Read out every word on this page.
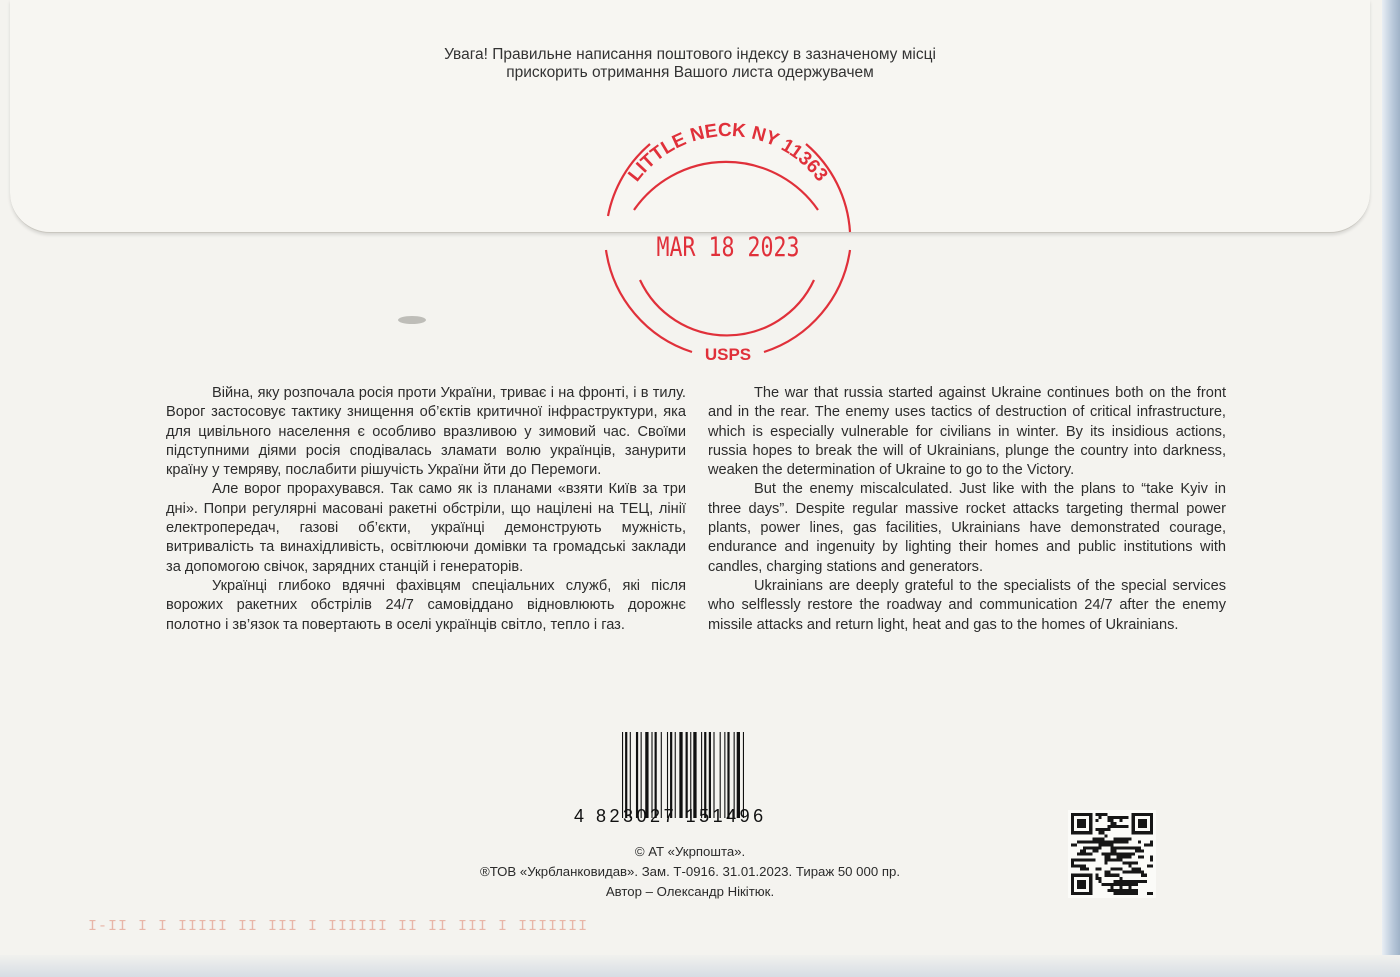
Увага! Правильне написання поштового індексу в зазначеному місці
прискорить отримання Вашого листа одержувачем
LITTLE NECK NY 11363
MAR 18 2023
USPS

Війна, яку розпочала росія проти України, триває і на фронті, і в тилу. Ворог застосовує тактику знищення об’єктів критичної інфраструктури, яка для цивільного населення є особливо вразливою у зимовий час. Своїми підступними діями росія сподівалась зламати волю українців, занурити країну у темряву, послабити рішучість України йти до Перемоги.

Але ворог прорахувався. Так само як із планами «взяти Київ за три дні». Попри регулярні масовані ракетні обстріли, що націлені на ТЕЦ, лінії електропередач, газові об’єкти, українці демонструють мужність, витривалість та винахідливість, освітлюючи домівки та громадські заклади за допомогою свічок, зарядних станцій і генераторів.

Українці глибоко вдячні фахівцям спеціальних служб, які після ворожих ракетних обстрілів 24/7 самовіддано відновлюють дорожнє полотно і зв’язок та повертають в оселі українців світло, тепло і газ.

The war that russia started against Ukraine continues both on the front and in the rear. The enemy uses tactics of destruction of critical infrastructure, which is especially vulnerable for civilians in winter. By its insidious actions, russia hopes to break the will of Ukrainians, plunge the country into darkness, weaken the determination of Ukraine to go to the Victory.

But the enemy miscalculated. Just like with the plans to “take Kyiv in three days”. Despite regular massive rocket attacks targeting thermal power plants, power lines, gas facilities, Ukrainians have demonstrated courage, endurance and ingenuity by lighting their homes and public institutions with candles, charging stations and generators.

Ukrainians are deeply grateful to the specialists of the special services who selflessly restore the roadway and communication 24/7 after the enemy missile attacks and return light, heat and gas to the homes of Ukrainians.

4 823027 151496
© АТ «Укрпошта».
®ТОВ «Укрбланковидав». Зам. Т-0916. 31.01.2023. Тираж 50 000 пр.
Автор – Олександр Нікітюк.
I-II I I IIIII II III I IIIIII II II III I IIIIIII
